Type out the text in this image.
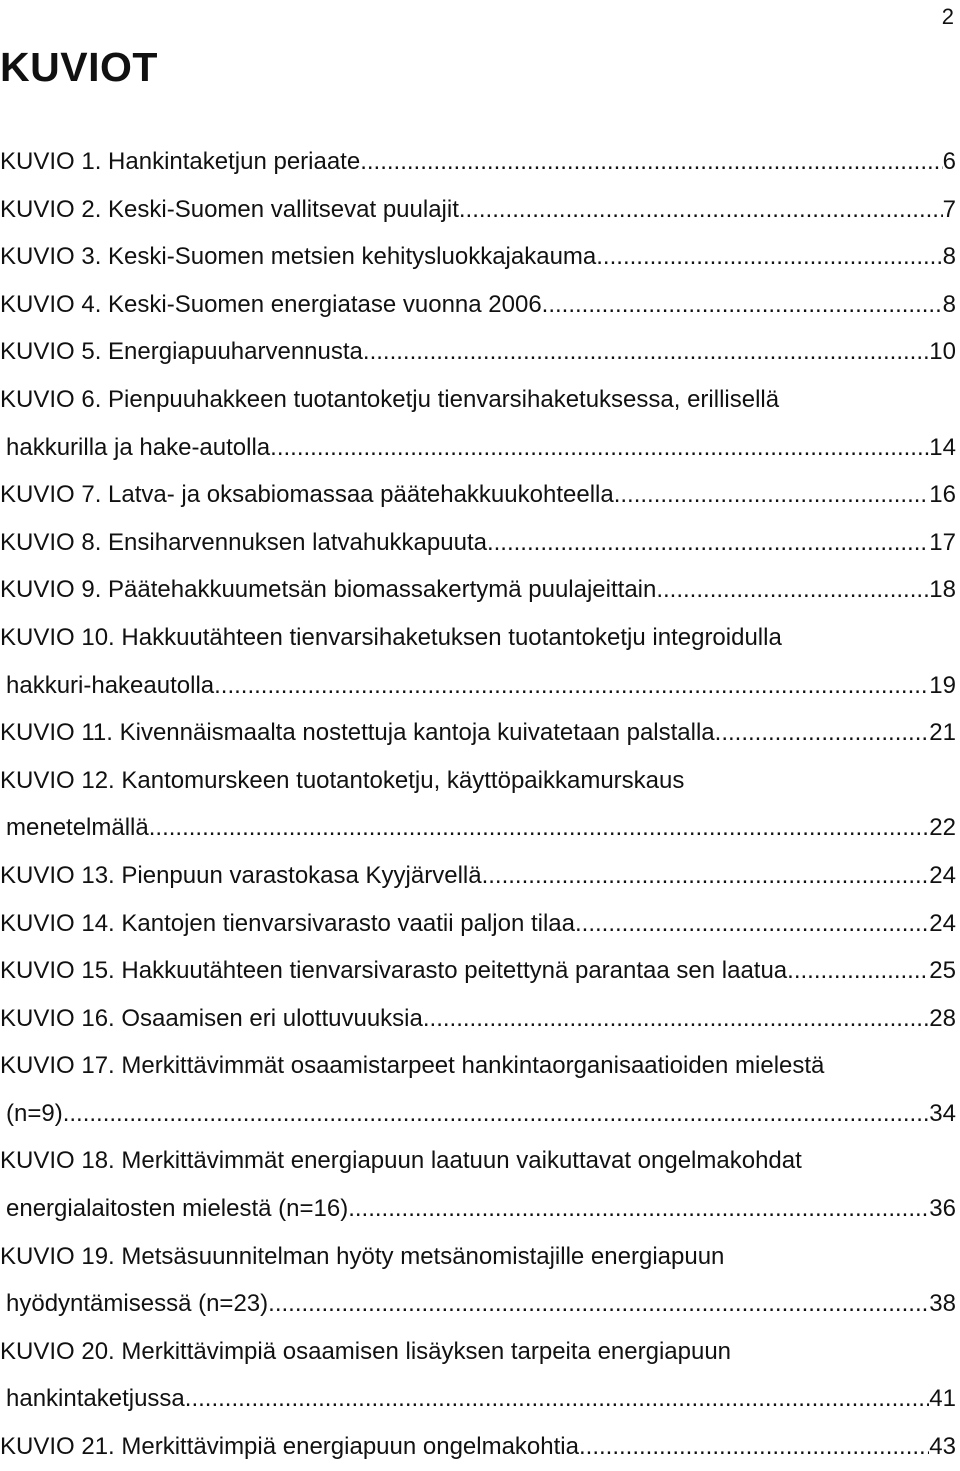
2
KUVIOT
KUVIO 1. Hankintaketjun periaate .....	6
KUVIO 2. Keski-Suomen vallitsevat puulajit .....	7
KUVIO 3. Keski-Suomen metsien kehitysluokkajakauma .....	8
KUVIO 4. Keski-Suomen energiatase vuonna 2006 .....	8
KUVIO 5. Energiapuuharvennusta .....	10
KUVIO 6. Pienpuuhakkeen tuotantoketju tienvarsihaketuksessa, erillisellä
hakkurilla ja hake-autolla. .....	14
KUVIO 7. Latva- ja oksabiomassaa päätehakkuukohteella .....	16
KUVIO 8. Ensiharvennuksen latvahukkapuuta .....	17
KUVIO 9. Päätehakkuumetsän biomassakertymä puulajeittain .....	18
KUVIO 10. Hakkuutähteen tienvarsihaketuksen tuotantoketju integroidulla
hakkuri-hakeautolla .....	19
KUVIO 11. Kivennäismaalta nostettuja kantoja kuivatetaan palstalla .....	21
KUVIO 12. Kantomurskeen tuotantoketju, käyttöpaikkamurskaus
menetelmällä. .....	22
KUVIO 13. Pienpuun varastokasa Kyyjärvellä .....	24
KUVIO 14. Kantojen tienvarsivarasto vaatii paljon tilaa .....	24
KUVIO 15. Hakkuutähteen tienvarsivarasto peitettynä parantaa sen laatua .....	25
KUVIO 16. Osaamisen eri ulottuvuuksia .....	28
KUVIO 17. Merkittävimmät osaamistarpeet hankintaorganisaatioiden mielestä
(n=9). .....	34
KUVIO 18. Merkittävimmät energiapuun laatuun vaikuttavat ongelmakohdat
energialaitosten mielestä (n=16). .....	36
KUVIO 19. Metsäsuunnitelman hyöty metsänomistajille energiapuun
hyödyntämisessä (n=23). .....	38
KUVIO 20. Merkittävimpiä osaamisen lisäyksen tarpeita energiapuun
hankintaketjussa .....	41
KUVIO 21. Merkittävimpiä energiapuun ongelmakohtia .....	43
